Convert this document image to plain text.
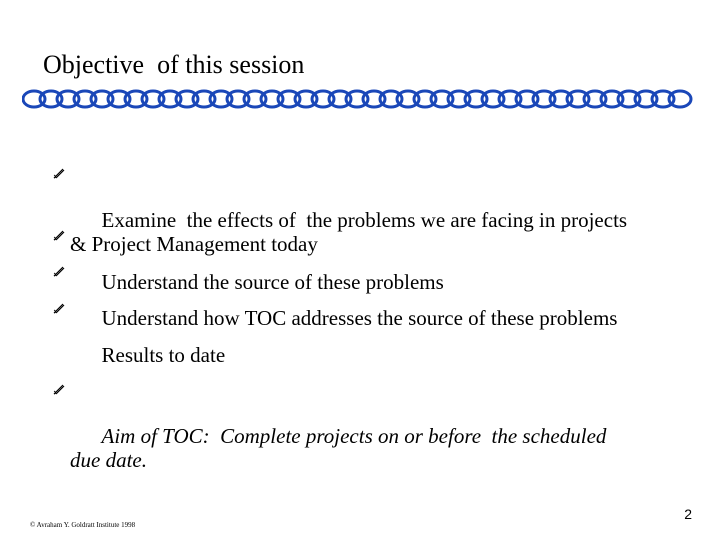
Objective  of this session

Examine  the effects of  the problems we are facing in projects
& Project Management today

Understand the source of these problems

Understand how TOC addresses the source of these problems

Results to date

Aim of TOC:  Complete projects on or before  the scheduled
due date.

© Avraham Y. Goldratt Institute 1998
2
